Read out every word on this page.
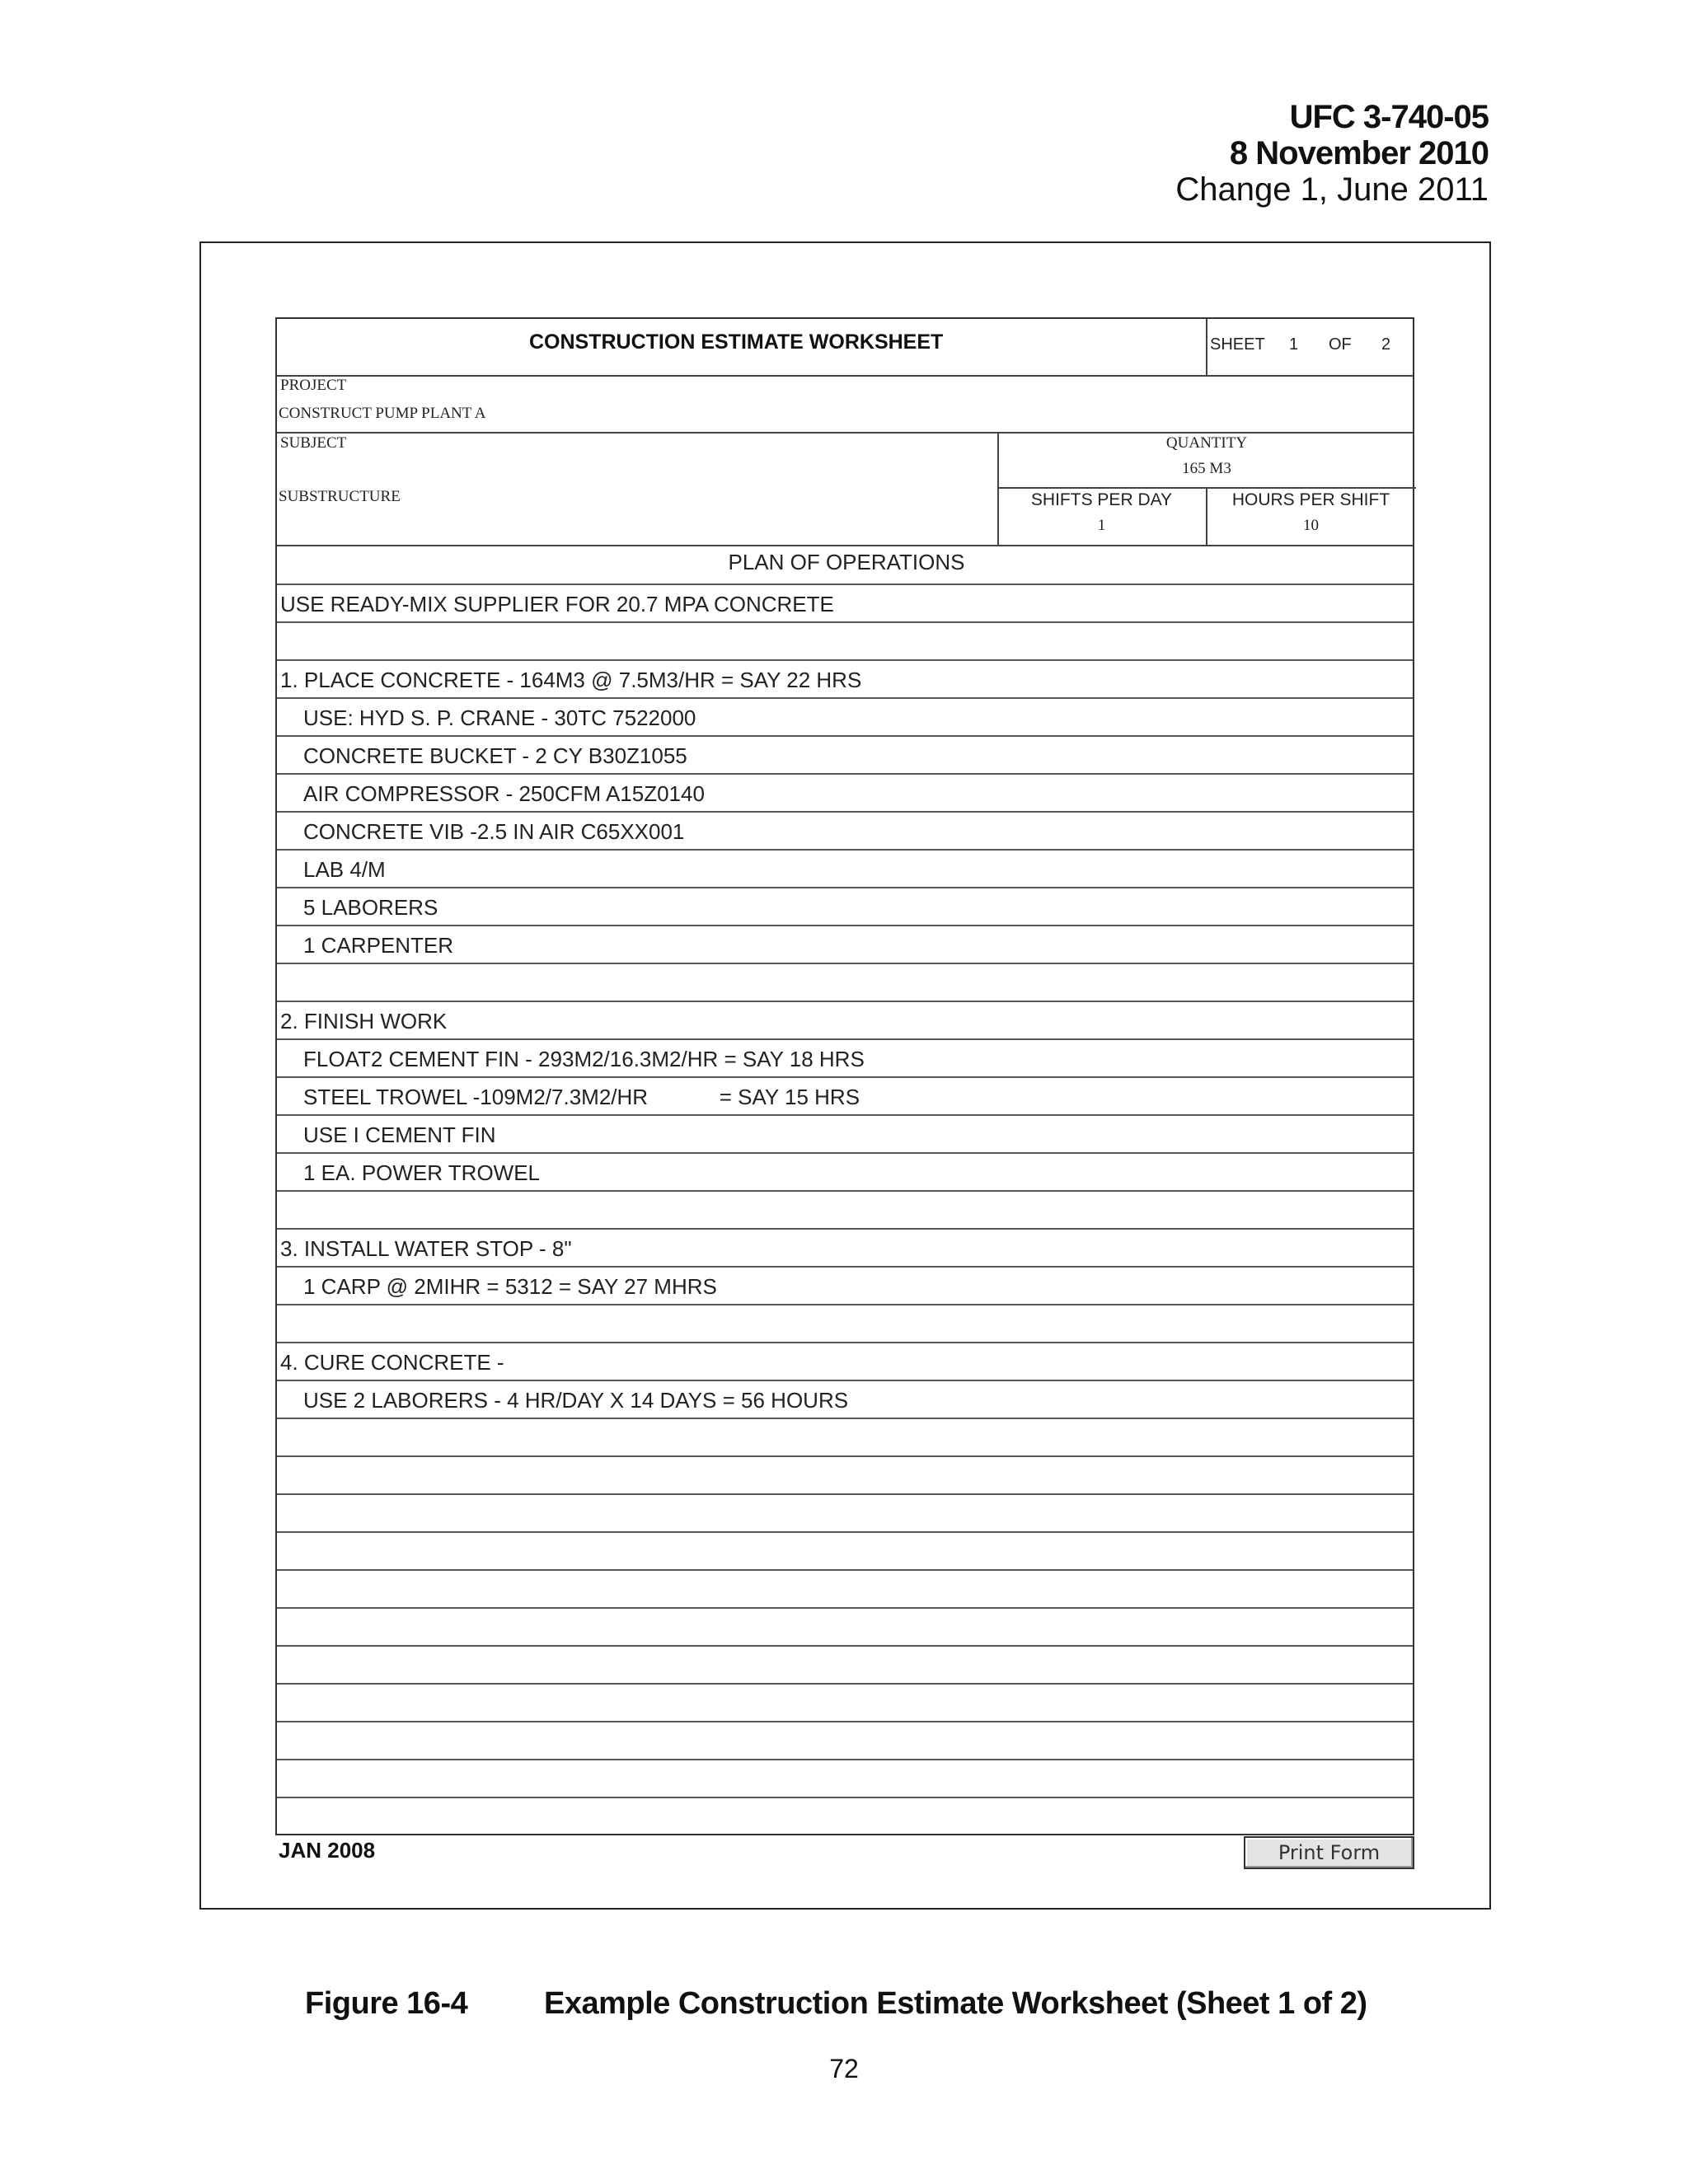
UFC 3-740-05
8 November 2010
Change 1, June 2011
CONSTRUCTION ESTIMATE WORKSHEET	SHEET 1 OF 2
PROJECT
CONSTRUCT PUMP PLANT A
SUBJECT
SUBSTRUCTURE
QUANTITY
165 M3
SHIFTS PER DAY
1
HOURS PER SHIFT
10
PLAN OF OPERATIONS
USE READY-MIX SUPPLIER FOR 20.7 MPA CONCRETE
1. PLACE CONCRETE - 164M3 @ 7.5M3/HR = SAY 22 HRS
USE: HYD S. P. CRANE - 30TC 7522000
CONCRETE BUCKET - 2 CY B30Z1055
AIR COMPRESSOR - 250CFM A15Z0140
CONCRETE VIB -2.5 IN AIR C65XX001
LAB 4/M
5 LABORERS
1 CARPENTER
2. FINISH WORK
FLOAT2 CEMENT FIN - 293M2/16.3M2/HR = SAY 18 HRS
STEEL TROWEL -109M2/7.3M2/HR            = SAY 15 HRS
USE I CEMENT FIN
1 EA. POWER TROWEL
3. INSTALL WATER STOP - 8"
1 CARP @ 2MIHR = 5312 = SAY 27 MHRS
4. CURE CONCRETE -
USE 2 LABORERS - 4 HR/DAY X 14 DAYS = 56 HOURS
JAN 2008	Print Form
Figure 16-4 Example Construction Estimate Worksheet (Sheet 1 of 2)
72
